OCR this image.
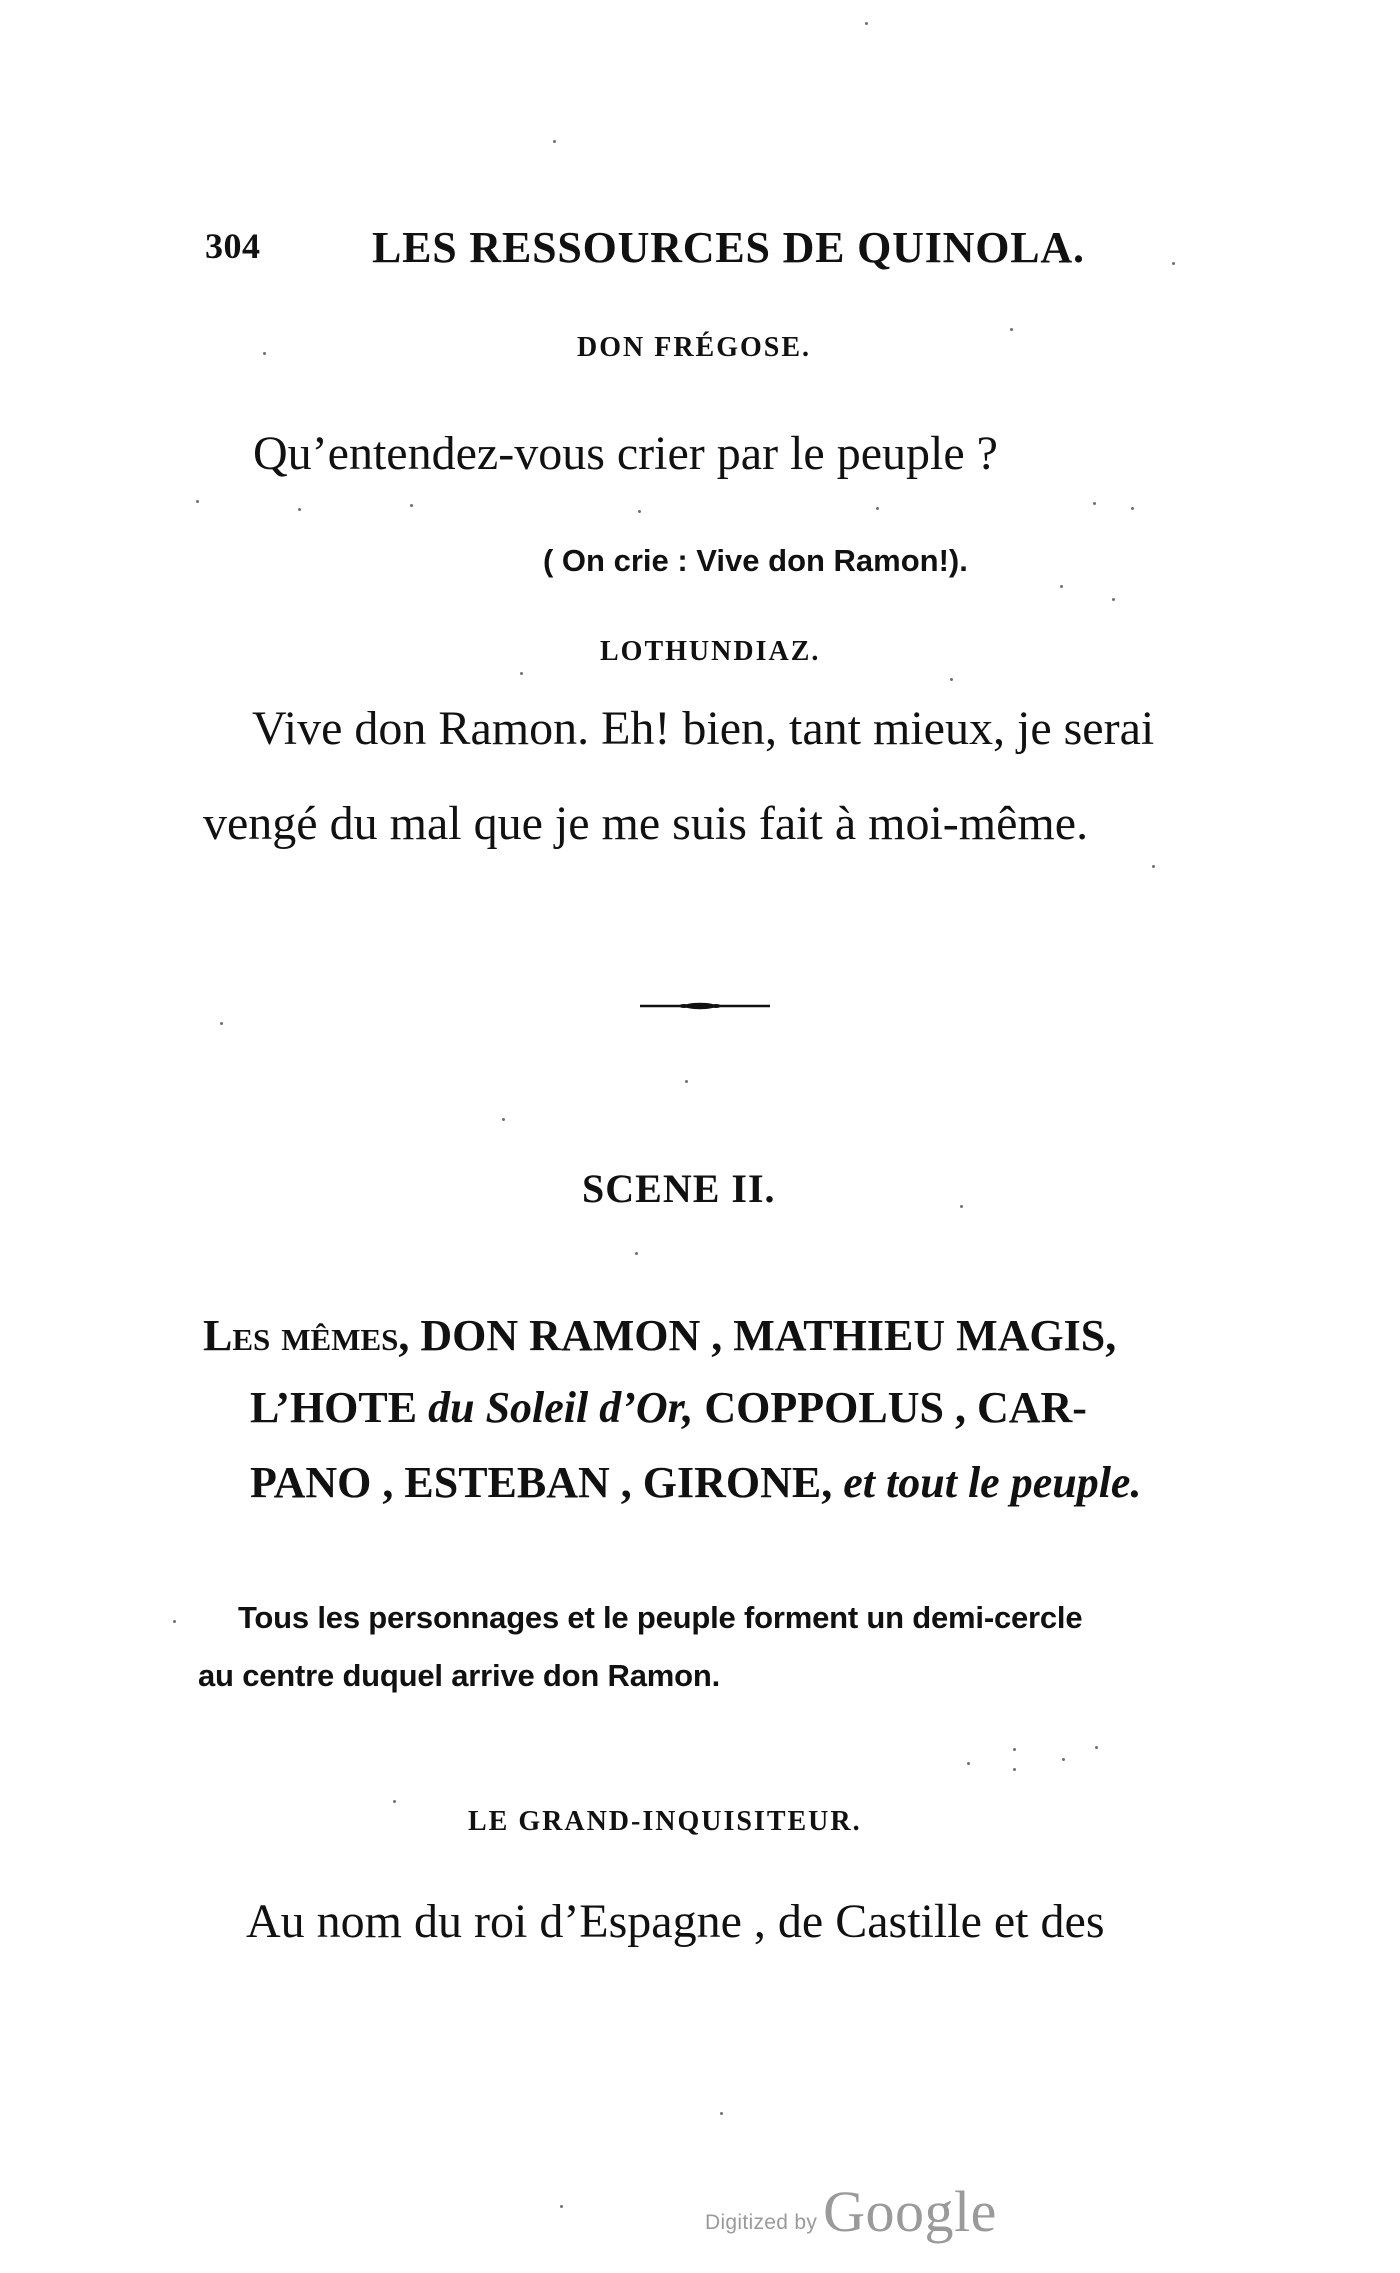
304	LES RESSOURCES DE QUINOLA.
DON FRÉGOSE.
Qu’entendez-vous crier par le peuple ?
( On crie : Vive don Ramon!).
LOTHUNDIAZ.
Vive don Ramon. Eh! bien, tant mieux, je serai
vengé du mal que je me suis fait à moi-même.
SCENE II.
Les mêmes, DON RAMON , MATHIEU MAGIS,
L’HOTE du Soleil d’Or, COPPOLUS , CAR-
PANO , ESTEBAN , GIRONE, et tout le peuple.
Tous les personnages et le peuple forment un demi-cercle
au centre duquel arrive don Ramon.
LE GRAND-INQUISITEUR.
Au nom du roi d’Espagne , de Castille et des
Digitized by Google
